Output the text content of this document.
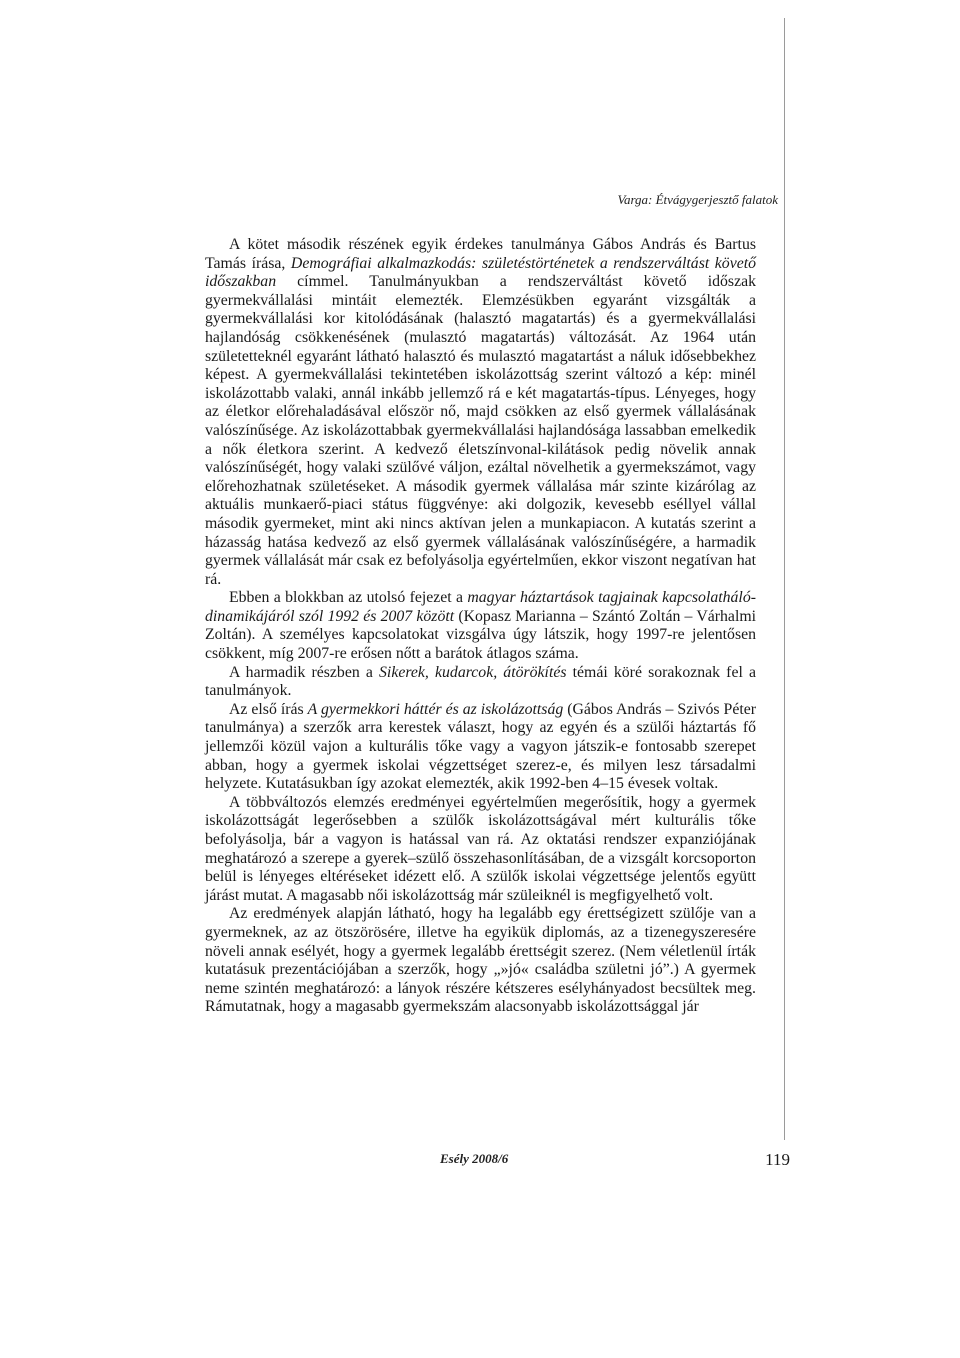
Varga: Étvágygerjesztő falatok

A kötet második részének egyik érdekes tanulmánya Gábos András és Bartus Tamás írása, Demográfiai alkalmazkodás: születéstörténetek a rendszerváltást követő időszakban címmel. Tanulmányukban a rendszerváltást követő időszak gyermekvállalási mintáit elemezték. Elemzésükben egyaránt vizsgálták a gyermekvállalási kor kitolódásának (halasztó magatartás) és a gyermekvállalási hajlandóság csökkenésének (mulasztó magatartás) változását. Az 1964 után születetteknél egyaránt látható halasztó és mulasztó magatartást a náluk idősebbekhez képest. A gyermekvállalási tekintetében iskolázottság szerint változó a kép: minél iskolázottabb valaki, annál inkább jellemző rá e két magatartás-típus. Lényeges, hogy az életkor előrehaladásával először nő, majd csökken az első gyermek vállalásának valószínűsége. Az iskolázottabbak gyermekvállalási hajlandósága lassabban emelkedik a nők életkora szerint. A kedvező életszínvonal-kilátások pedig növelik annak valószínűségét, hogy valaki szülővé váljon, ezáltal növelhetik a gyermekszámot, vagy előrehozhatnak születéseket. A második gyermek vállalása már szinte kizárólag az aktuális munkaerő-piaci státus függvénye: aki dolgozik, kevesebb eséllyel vállal második gyermeket, mint aki nincs aktívan jelen a munkapiacon. A kutatás szerint a házasság hatása kedvező az első gyermek vállalásának valószínűségére, a harmadik gyermek vállalását már csak ez befolyásolja egyértelműen, ekkor viszont negatívan hat rá.

Ebben a blokkban az utolsó fejezet a magyar háztartások tagjainak kapcsolatháló-dinamikájáról szól 1992 és 2007 között (Kopasz Marianna – Szántó Zoltán – Várhalmi Zoltán). A személyes kapcsolatokat vizsgálva úgy látszik, hogy 1997-re jelentősen csökkent, míg 2007-re erősen nőtt a barátok átlagos száma.

A harmadik részben a Sikerek, kudarcok, átörökítés témái köré sorakoznak fel a tanulmányok.

Az első írás A gyermekkori háttér és az iskolázottság (Gábos András – Szivós Péter tanulmánya) a szerzők arra kerestek választ, hogy az egyén és a szülői háztartás fő jellemzői közül vajon a kulturális tőke vagy a vagyon játszik-e fontosabb szerepet abban, hogy a gyermek iskolai végzettséget szerez-e, és milyen lesz társadalmi helyzete. Kutatásukban így azokat elemezték, akik 1992-ben 4–15 évesek voltak.

A többváltozós elemzés eredményei egyértelműen megerősítik, hogy a gyermek iskolázottságát legerősebben a szülők iskolázottságával mért kulturális tőke befolyásolja, bár a vagyon is hatással van rá. Az oktatási rendszer expanziójának meghatározó a szerepe a gyerek–szülő összehasonlításában, de a vizsgált korcsoporton belül is lényeges eltéréseket idézett elő. A szülők iskolai végzettsége jelentős együtt járást mutat. A magasabb női iskolázottság már szüleiknél is megfigyelhető volt.

Az eredmények alapján látható, hogy ha legalább egy érettségizett szülője van a gyermeknek, az az ötszörösére, illetve ha egyikük diplomás, az a tizenegyszeresére növeli annak esélyét, hogy a gyermek legalább érettségit szerez. (Nem véletlenül írták kutatásuk prezentációjában a szerzők, hogy „»jó« családba születni jó”.) A gyermek neme szintén meghatározó: a lányok részére kétszeres esélyhányadost becsültek meg. Rámutatnak, hogy a magasabb gyermekszám alacsonyabb iskolázottsággal jár

Esély 2008/6	119
